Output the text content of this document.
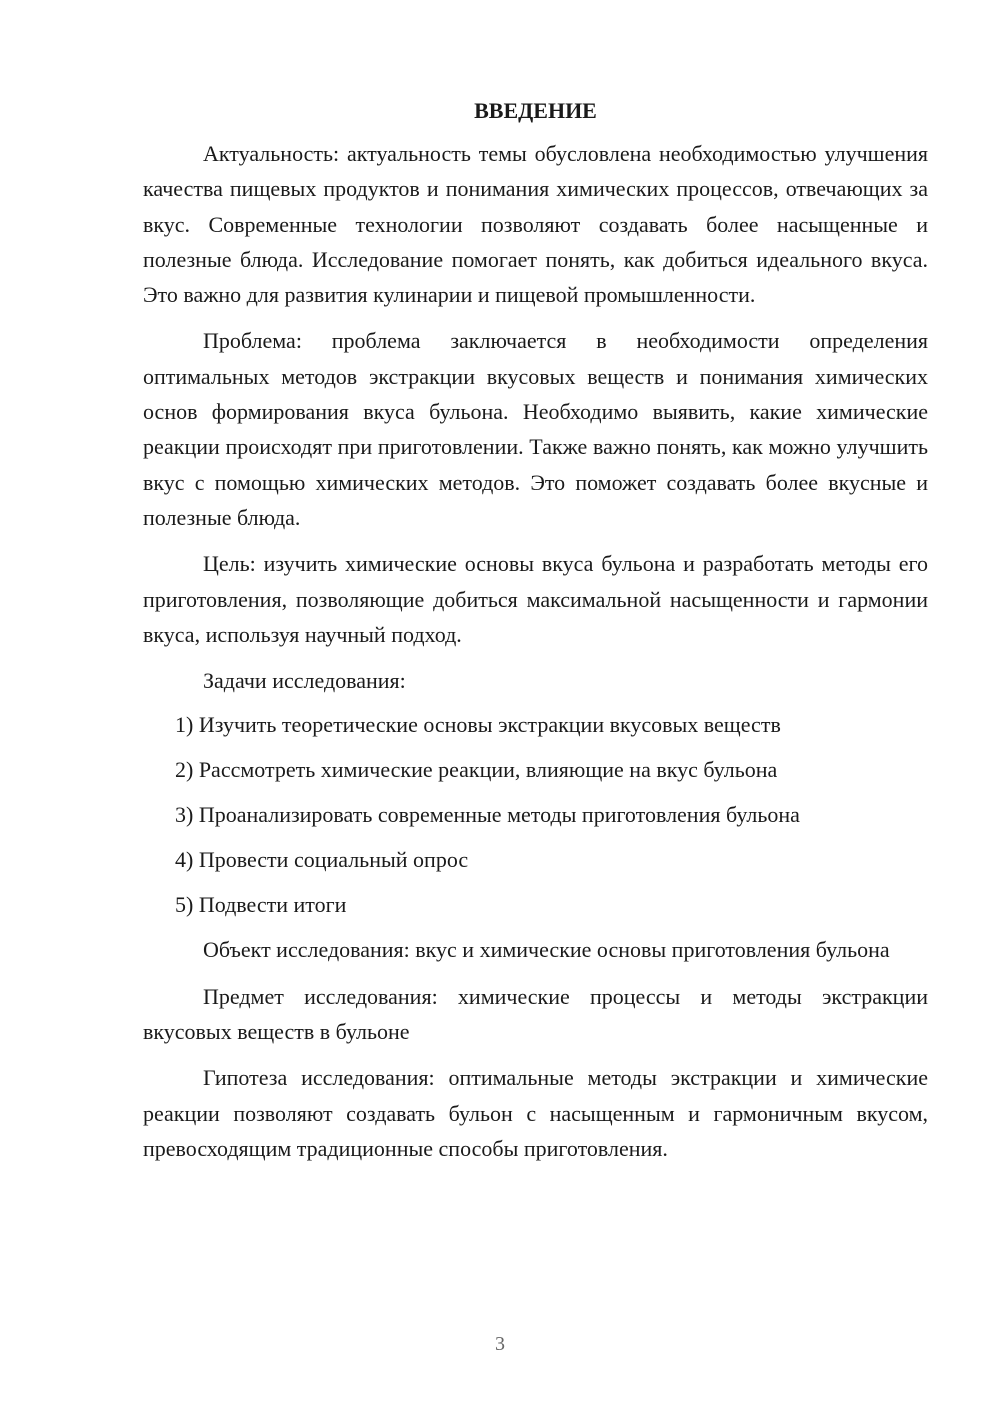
ВВЕДЕНИЕ

Актуальность: актуальность темы обусловлена необходимостью улучшения качества пищевых продуктов и понимания химических процессов, отвечающих за вкус. Современные технологии позволяют создавать более насыщенные и полезные блюда. Исследование помогает понять, как добиться идеального вкуса. Это важно для развития кулинарии и пищевой промышленности.

Проблема: проблема заключается в необходимости определения оптимальных методов экстракции вкусовых веществ и понимания химических основ формирования вкуса бульона. Необходимо выявить, какие химические реакции происходят при приготовлении. Также важно понять, как можно улучшить вкус с помощью химических методов. Это поможет создавать более вкусные и полезные блюда.

Цель: изучить химические основы вкуса бульона и разработать методы его приготовления, позволяющие добиться максимальной насыщенности и гармонии вкуса, используя научный подход.

Задачи исследования:

1) Изучить теоретические основы экстракции вкусовых веществ
2) Рассмотреть химические реакции, влияющие на вкус бульона
3) Проанализировать современные методы приготовления бульона
4) Провести социальный опрос
5) Подвести итоги

Объект исследования: вкус и химические основы приготовления бульона

Предмет исследования: химические процессы и методы экстракции вкусовых веществ в бульоне

Гипотеза исследования: оптимальные методы экстракции и химические реакции позволяют создавать бульон с насыщенным и гармоничным вкусом, превосходящим традиционные способы приготовления.

3
